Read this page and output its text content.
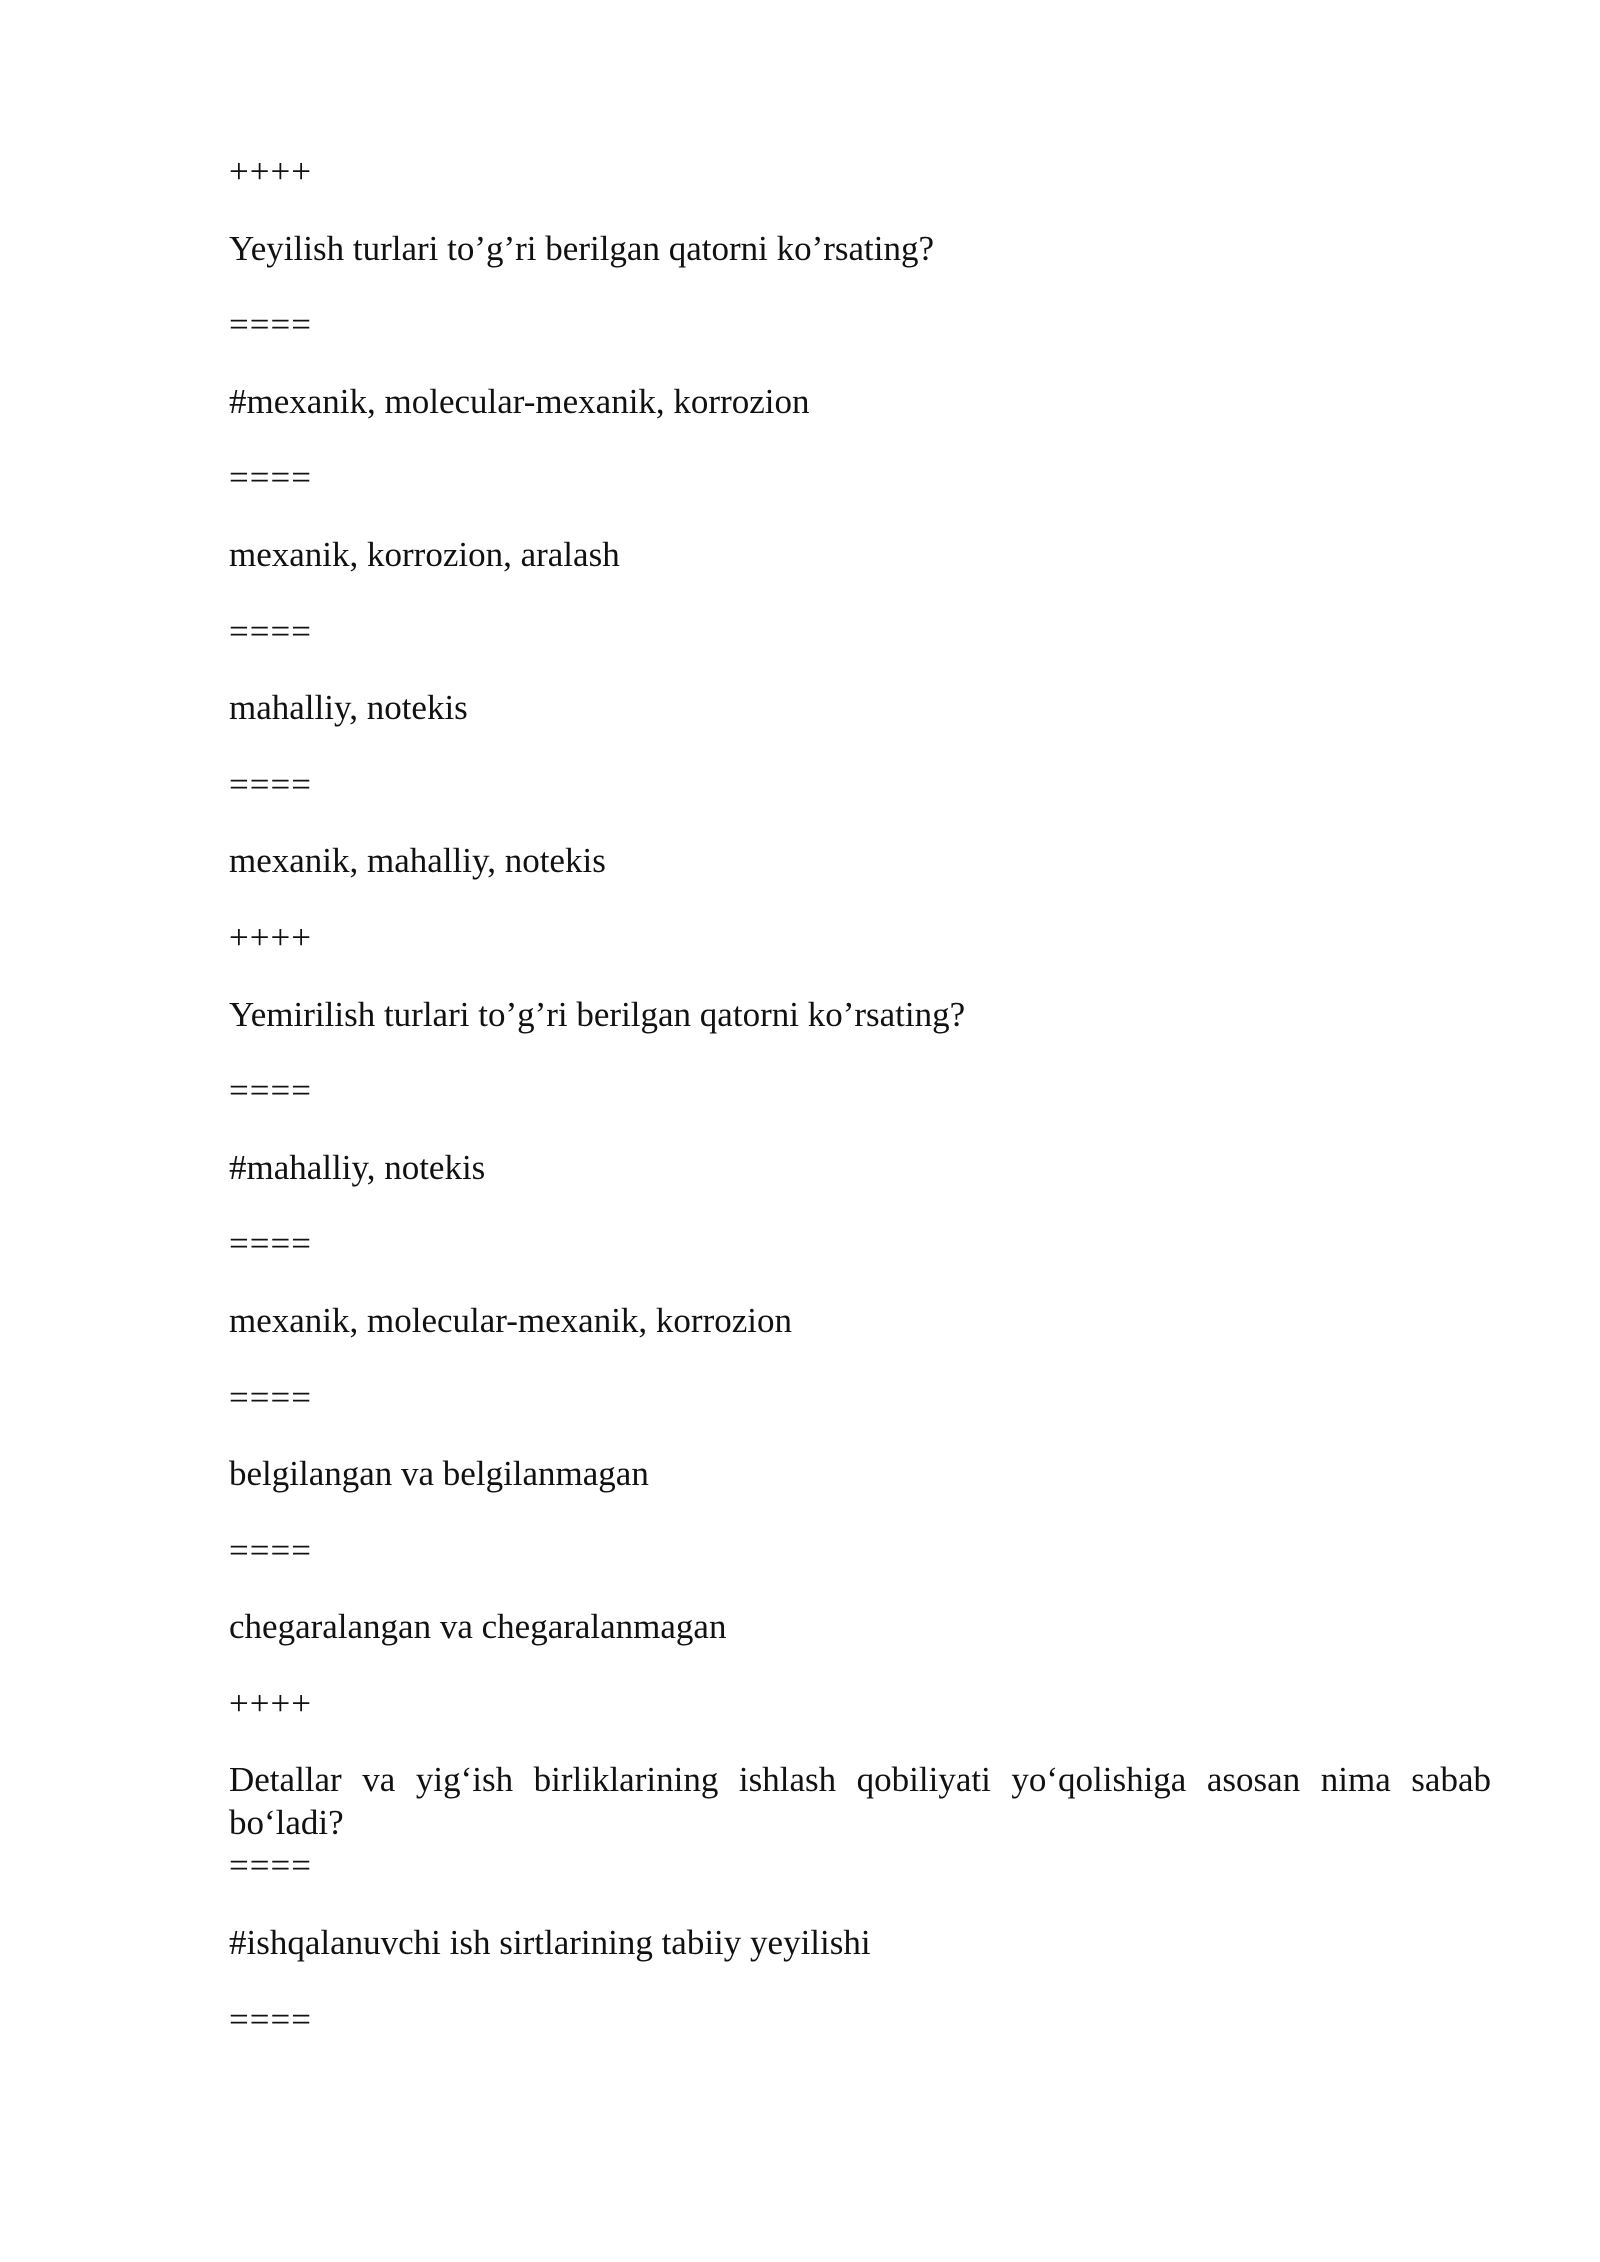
++++

Yeyilish turlari to’g’ri berilgan qatorni ko’rsating?

====

#mexanik, molecular-mexanik, korrozion

====

mexanik, korrozion, aralash

====

mahalliy, notekis

====

mexanik, mahalliy, notekis

++++

Yemirilish turlari to’g’ri berilgan qatorni ko’rsating?

====

#mahalliy, notekis

====

mexanik, molecular-mexanik, korrozion

====

belgilangan va belgilanmagan

====

chegaralangan va chegaralanmagan

++++

Detallar va yig‘ish birliklarining ishlash qobiliyati yo‘qolishiga asosan nima sabab bo‘ladi?

====

#ishqalanuvchi ish sirtlarining tabiiy yeyilishi

====
